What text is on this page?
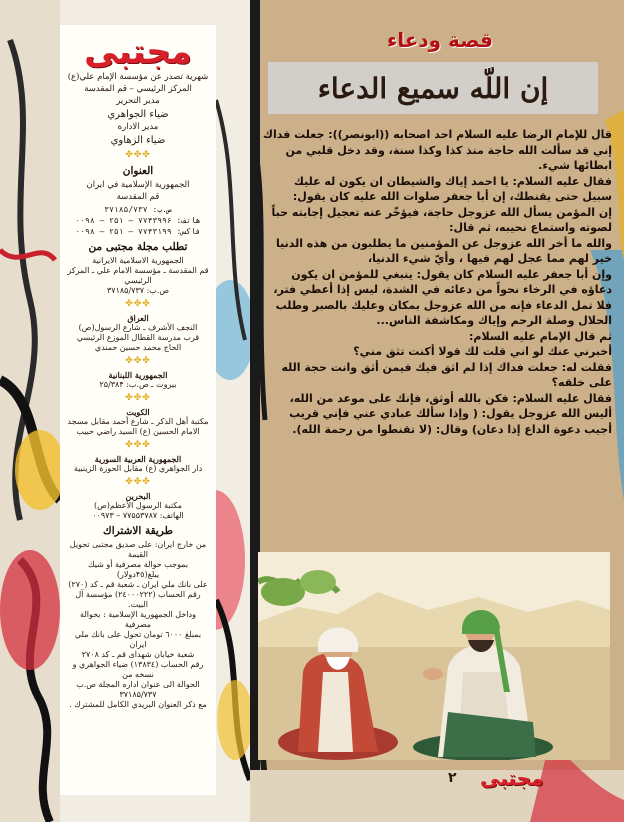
مجتبى
شهرية تصدر عن مؤسسة الإمام علي(ع)
المركز الرئيسي – قم المقدسة
مدير التحرير
ضياء الجواهري
مدير الادارة
ضياء الزهاوي
✤✤✤
العنوان
الجمهورية الإسلامية في ايران
قم المقدسة
ص.ب: ۳۷۱۸۵/۷۳۷
هاتف: ۷۷۴۳۹۹۶ – ۲۵۱ – ۰۰۹۸
فاكس: ۷۷۴۳۱۹۹ – ۲۵۱ – ۰۰۹۸
تطلب مجلة مجتبى من
الجمهورية الاسلامية الايرانية
قم المقدسة ـ مؤسسة الامام علي ـ المركز الرئيسي
ص.ب: ۳۷۱۸۵/۷۳۷
✤✤✤
العراق
النجف الأشرف ـ شارع الرسول(ص)
قرب مدرسة القطال الموزع الرئيسي
الحاج محمد حسين حمندي
✤✤✤
الجمهورية اللبنانية
بيروت ـ ص.ب: ۲۵/۳۸۴
✤✤✤
الكويت
مكتبة أهل الذكر ـ شارع أحمد مقابل مسجد
الامام الحسين (ع) السيد راضي حبيب
✤✤✤
الجمهورية العربية السورية
دار الجواهري (ع) مقابل الحوزة الزينبية
✤✤✤
البحرين
مكتبة الرسول الأعظم(ص)
الهاتف: ۷۷۵۵۳۷۸۷ – ۰۰۹۷۳
طريقة الاشتراك
من خارج ايران: على صديق مجتبى تحويل القيمة
بموجب حوالة مصرفية أو شيك يبلغ(۴٥دولار)
على بانك ملي ايران ـ شعبة قم ـ كد (۲۷۰)
رقم الحساب (۲٤٠٠٠٢٢٢) مؤسسة آل البيت.
وداخل الجمهورية الإسلامية : بحوالة مصرفية
بمبلغ ٦٠٠٠ تومان تحول على بانك ملي ايران
شعبة خيابان شهداى قم ـ كد ۲۷۰۸
رقم الحساب (۱۳۸۳٤) ضياء الجواهري و نسخه من
الحوالة الى عنوان اداره المجلة ص.ب ۳۷۱۸۵/۷۳۷
مع ذكر العنوان البريدي الكامل للمشترك .
قصة ودعاء
إن اللّه سميع الدعاء

قال للإمام الرضا عليه السلام احد اصحابه ((ابونصر)): جعلت فداك إني قد سألت الله حاجة منذ كذا وكذا سنة، وقد دخل قلبي من ابطائها شيء.

فقال عليه السلام: يا احمد إياك والشيطان ان يكون له عليك سبيل حتى يقنطك، إن أبا جعفر صلوات الله عليه كان يقول:

إن المؤمن يسأل الله عزوجل حاجة، فيؤخّر عنه تعجيل إجابته حباً لصوته واستماع نحيبه، ثم قال:

والله ما أخر الله عزوجل عن المؤمنين ما يطلبون من هذه الدنيا خير لهم مما عجل لهم فيها ، وأيّ شيء الدنيا،

وإن أبا جعفر عليه السلام كان يقول: ينبغي للمؤمن ان يكون دعاؤه في الرخاء نحواً من دعائه في الشدة، ليس إذا أعطي فتر، فلا تمل الدعاء فإنه من الله عزوجل بمكان وعليك بالصبر وطلب الحلال وصلة الرحم وإياك ومكاشفة الناس...

ثم قال الإمام عليه السلام:

أخبرني عنك لو اني قلت لك قولا أكنت تثق مني؟

فقلت له: جعلت فداك إذا لم اثق فيك فيمن أثق وانت حجة الله على خلقه؟

فقال عليه السلام: فكن بالله أوثق، فإنك على موعد من الله، أليس الله عزوجل يقول: ( وإذا سألك عبادي عني فإني قريب أجيب دعوة الداع إذا دعان) وقال: (لا تقنطوا من رحمة الله).

٢ مجتبى
